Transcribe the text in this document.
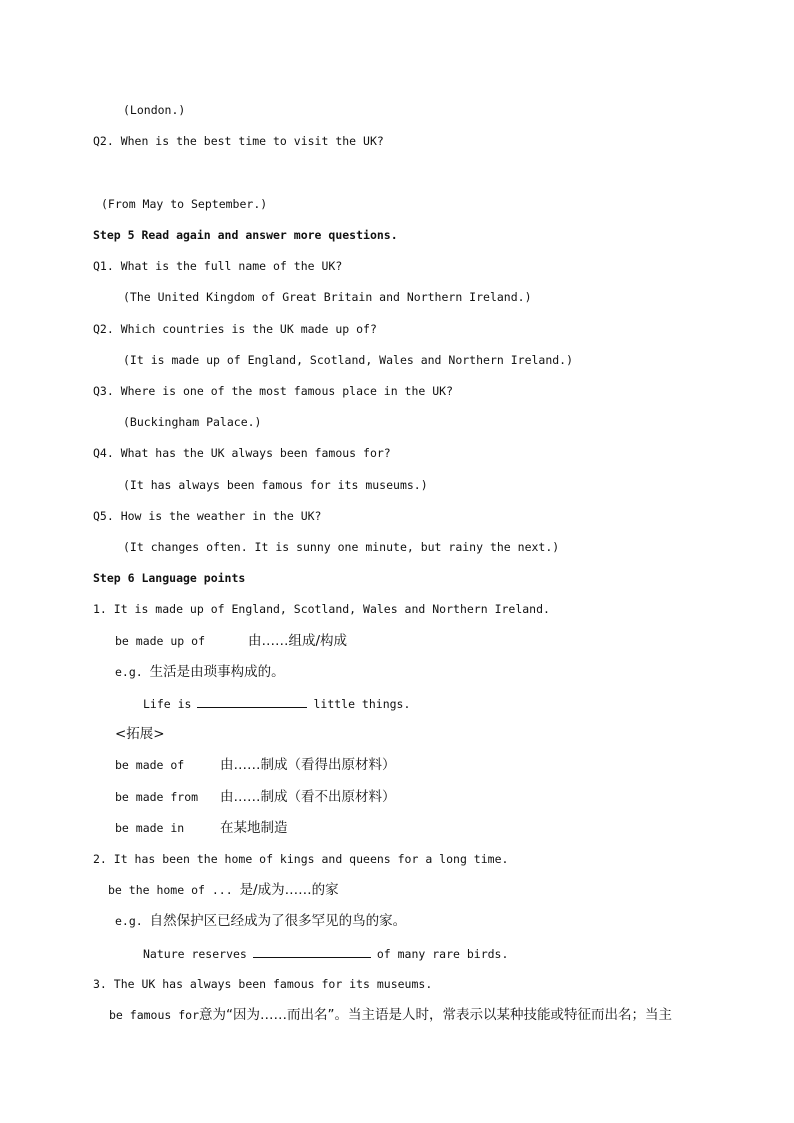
(London.)
Q2. When is the best time to visit the UK?
(From May to September.)
Step 5 Read again and answer more questions.
Q1. What is the full name of the UK?
(The United Kingdom of Great Britain and Northern Ireland.)
Q2. Which countries is the UK made up of?
(It is made up of England, Scotland, Wales and Northern Ireland.)
Q3. Where is one of the most famous place in the UK?
(Buckingham Palace.)
Q4. What has the UK always been famous for?
(It has always been famous for its museums.)
Q5. How is the weather in the UK?
(It changes often. It is sunny one minute, but rainy the next.)
Step 6 Language points
1. It is made up of England, Scotland, Wales and Northern Ireland.
be made up of	由……组成/构成
e.g. 生活是由琐事构成的。
Life is	little things.
<拓展>
be made of	由……制成（看得出原材料）
be made from 由……制成（看不出原材料）
be made in	在某地制造
2. It has been the home of kings and queens for a long time.
be the home of ... 是/成为……的家
e.g. 自然保护区已经成为了很多罕见的鸟的家。
Nature reserves	of many rare birds.
3. The UK has always been famous for its museums.
be famous for意为“因为……而出名”。当主语是人时，常表示以某种技能或特征而出名；当主
